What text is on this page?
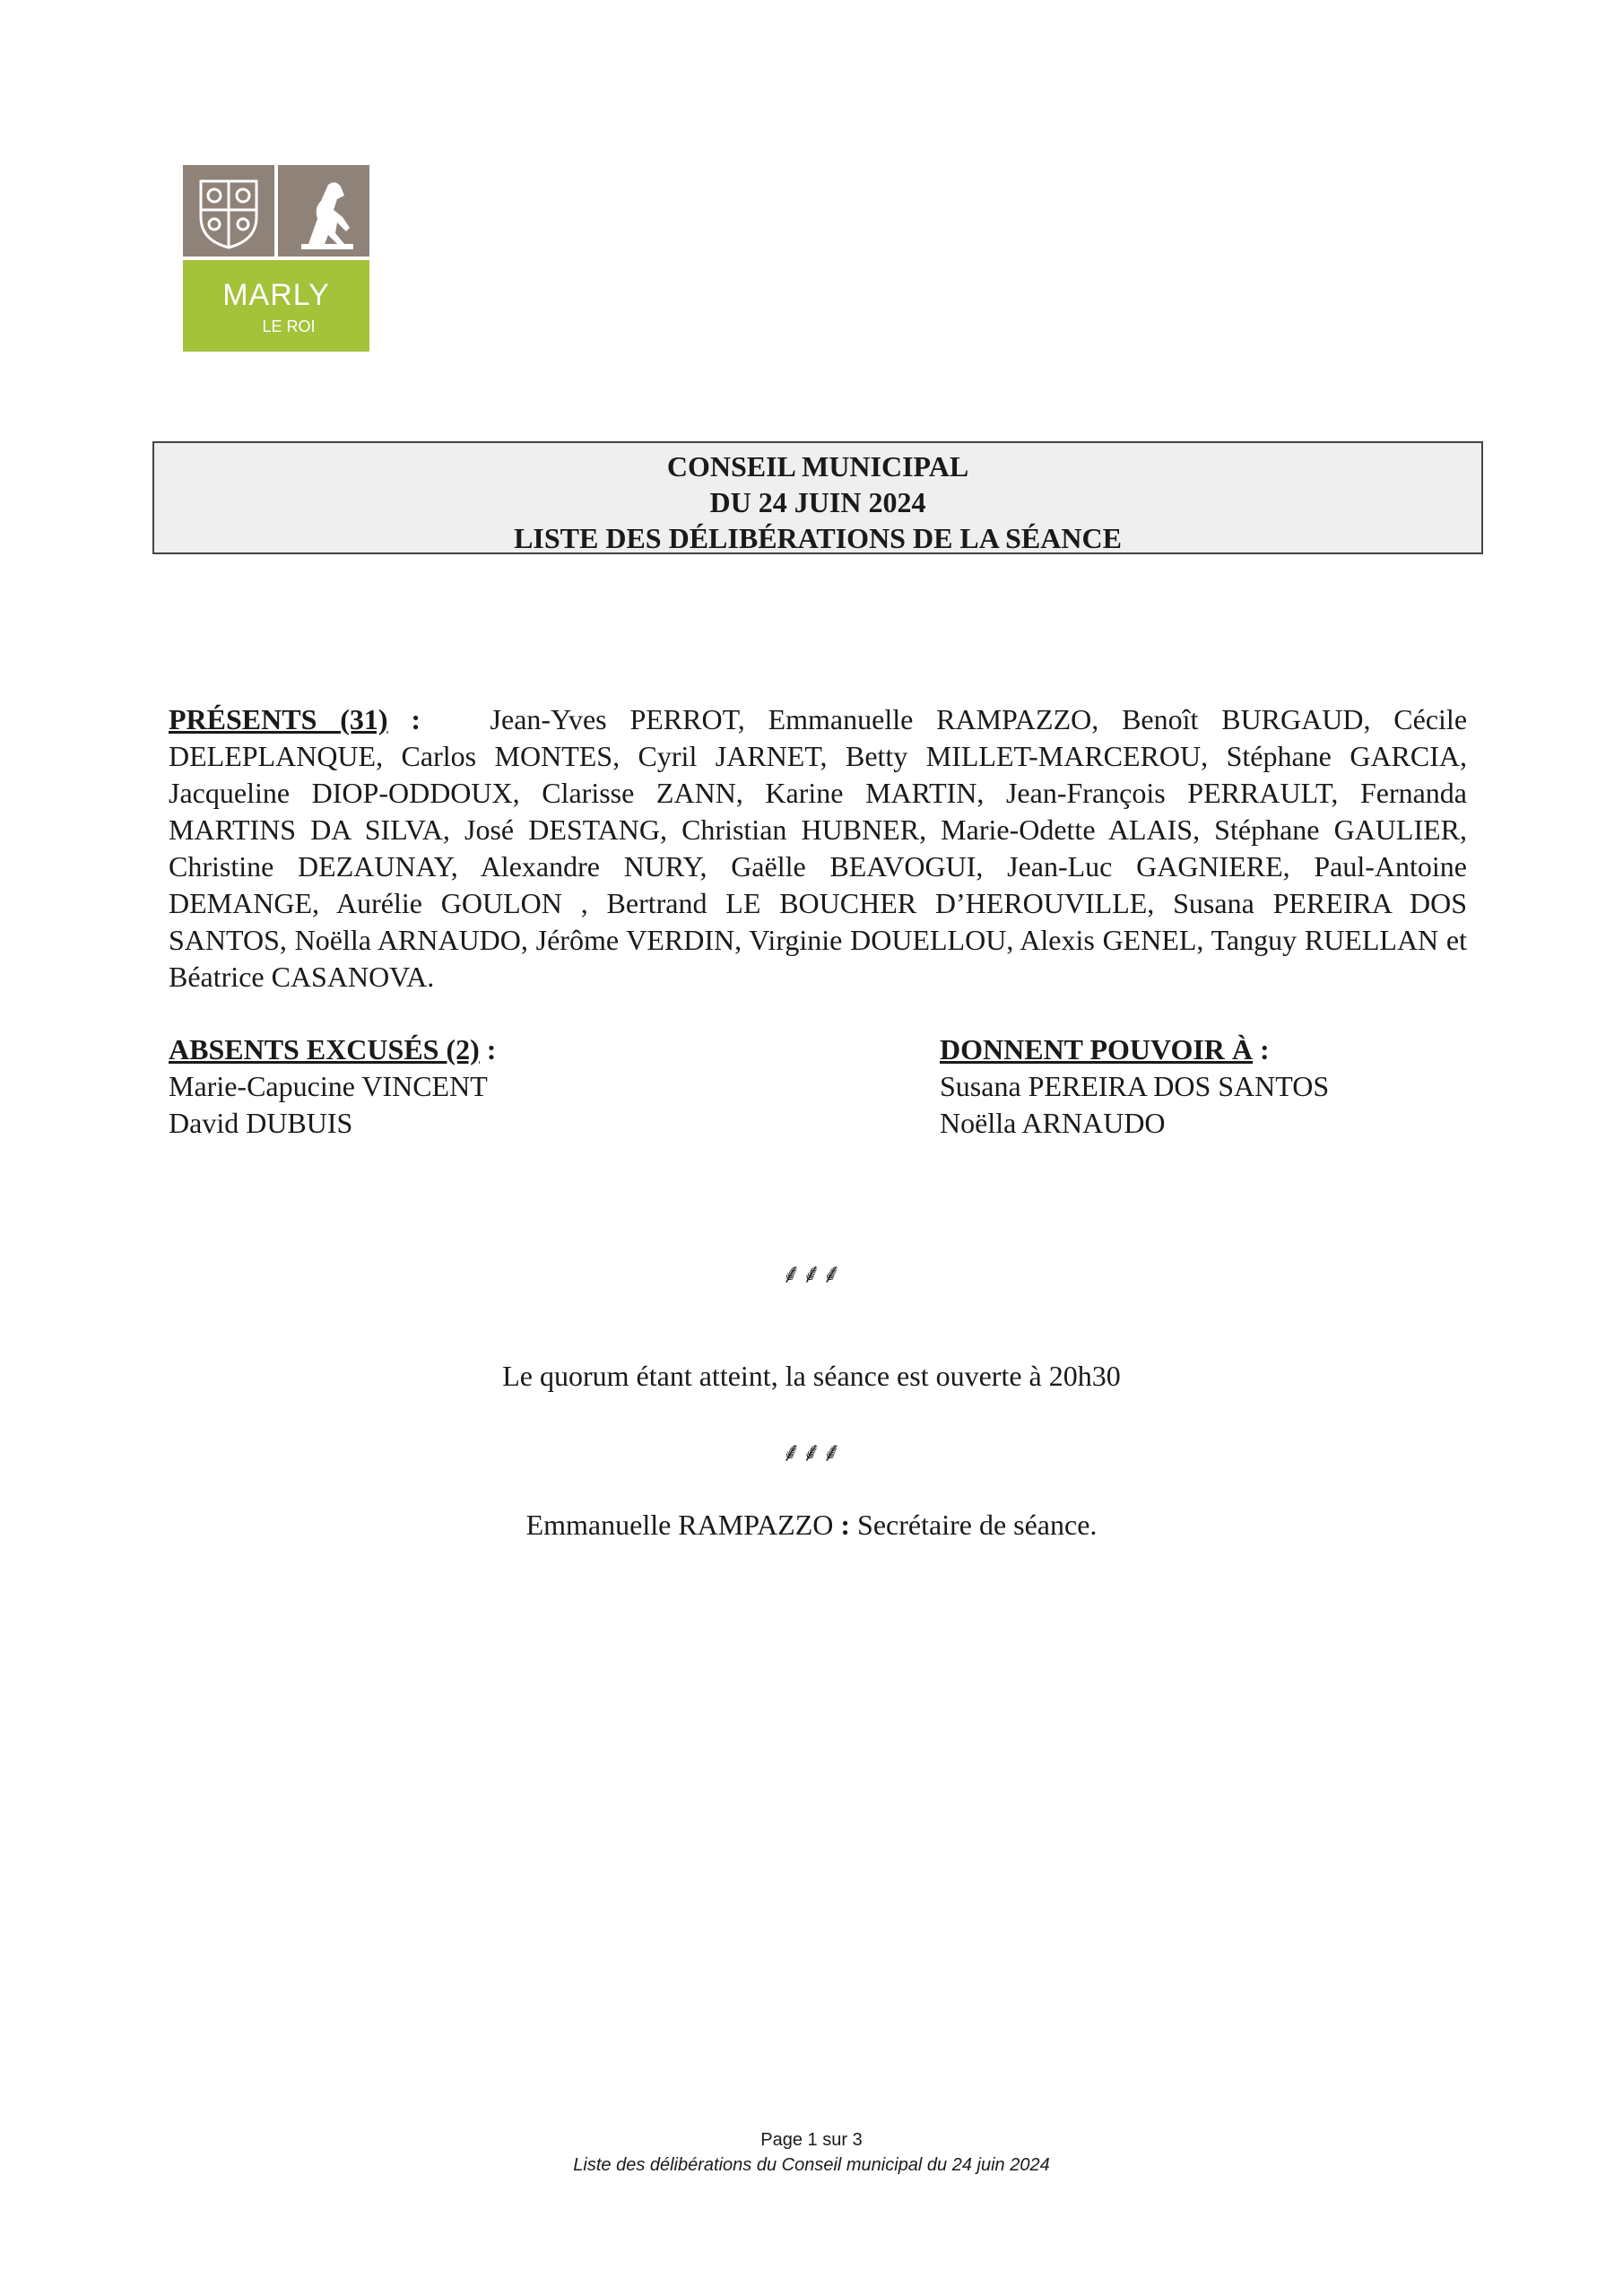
MARLY
LE ROI
CONSEIL MUNICIPAL
DU 24 JUIN 2024
LISTE DES DÉLIBÉRATIONS DE LA SÉANCE
PRÉSENTS (31) : Jean-Yves PERROT, Emmanuelle RAMPAZZO, Benoît BURGAUD, Cécile DELEPLANQUE, Carlos MONTES, Cyril JARNET, Betty MILLET-MARCEROU, Stéphane GARCIA, Jacqueline DIOP-ODDOUX, Clarisse ZANN, Karine MARTIN, Jean-François PERRAULT, Fernanda MARTINS DA SILVA, José DESTANG, Christian HUBNER, Marie-Odette ALAIS, Stéphane GAULIER, Christine DEZAUNAY, Alexandre NURY, Gaëlle BEAVOGUI, Jean-Luc GAGNIERE, Paul-Antoine DEMANGE, Aurélie GOULON , Bertrand LE BOUCHER D’HEROUVILLE, Susana PEREIRA DOS SANTOS, Noëlla ARNAUDO, Jérôme VERDIN, Virginie DOUELLOU, Alexis GENEL, Tanguy RUELLAN et Béatrice CASANOVA.
ABSENTS EXCUSÉS (2) :
Marie-Capucine VINCENT
David DUBUIS
DONNENT POUVOIR À :
Susana PEREIRA DOS SANTOS
Noëlla ARNAUDO
⸙⸙⸙
Le quorum étant atteint, la séance est ouverte à 20h30
⸙⸙⸙
Emmanuelle RAMPAZZO : Secrétaire de séance.
Page 1 sur 3
Liste des délibérations du Conseil municipal du 24 juin 2024
